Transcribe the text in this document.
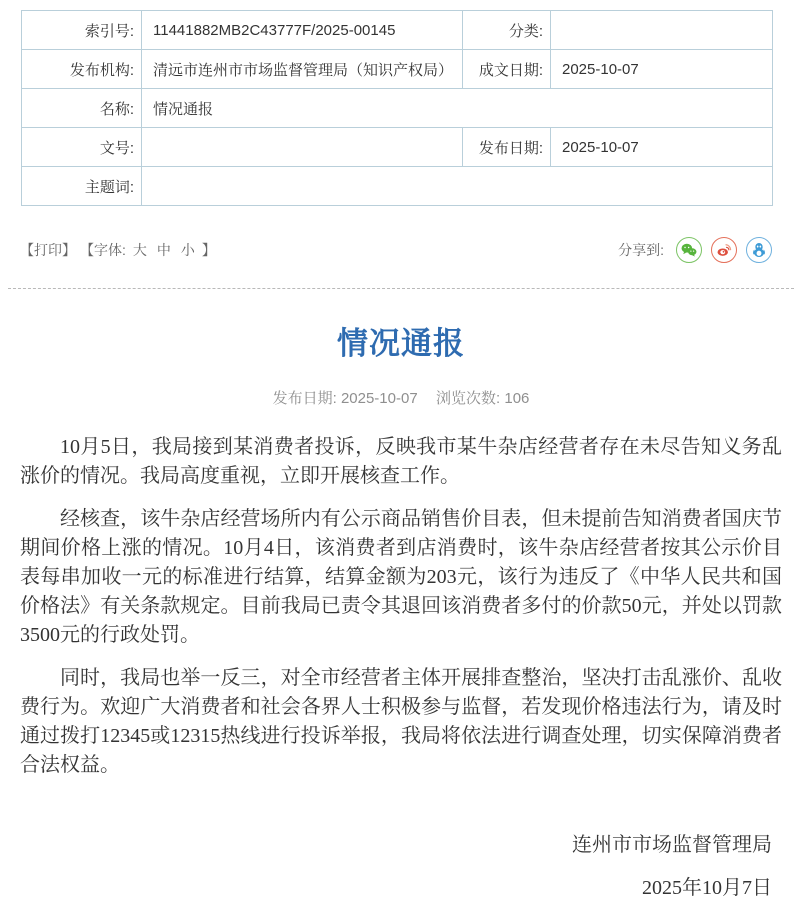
索引号:	11441882MB2C43777F/2025-00145	分类:	
发布机构:	清远市连州市市场监督管理局（知识产权局）	成文日期:	2025-10-07
名称:	情况通报		
文号:		发布日期:	2025-10-07
主题词:			
【打印】 【字体: 大 中 小 】	分享到:
情况通报
发布日期: 2025-10-07 浏览次数: 106

10月5日，我局接到某消费者投诉，反映我市某牛杂店经营者存在未尽告知义务乱涨价的情况。我局高度重视，立即开展核查工作。

经核查，该牛杂店经营场所内有公示商品销售价目表，但未提前告知消费者国庆节期间价格上涨的情况。10月4日，该消费者到店消费时，该牛杂店经营者按其公示价目表每串加收一元的标准进行结算，结算金额为203元，该行为违反了《中华人民共和国价格法》有关条款规定。目前我局已责令其退回该消费者多付的价款50元，并处以罚款3500元的行政处罚。

同时，我局也举一反三，对全市经营者主体开展排查整治，坚决打击乱涨价、乱收费行为。欢迎广大消费者和社会各界人士积极参与监督，若发现价格违法行为，请及时通过拨打12345或12315热线进行投诉举报，我局将依法进行调查处理，切实保障消费者合法权益。

连州市市场监督管理局
2025年10月7日
